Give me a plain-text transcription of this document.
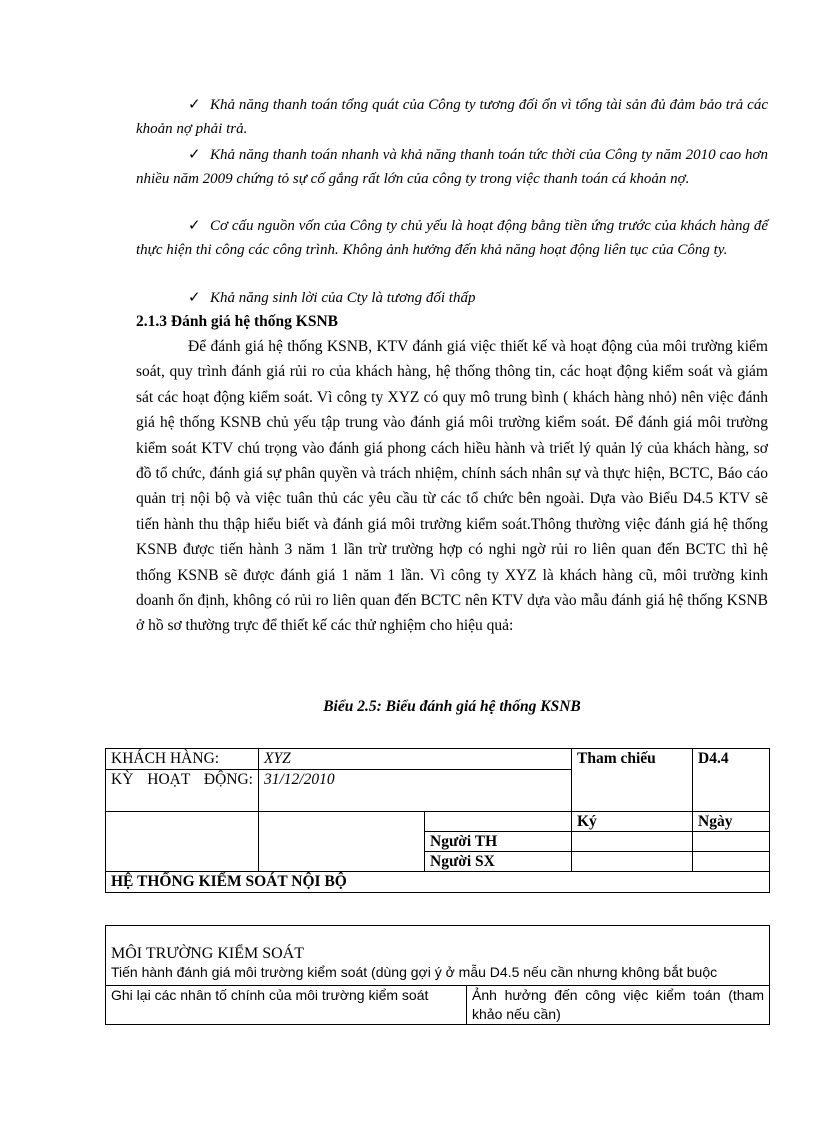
✓ Khả năng thanh toán tổng quát của Công ty tương đối ổn vì tổng tài sản đủ đảm bảo trả các khoản nợ phải trả.
✓ Khả năng thanh toán nhanh và khả năng thanh toán tức thời của Công ty năm 2010 cao hơn nhiều năm 2009 chứng tỏ sự cố gắng rất lớn của công ty trong việc thanh toán cá khoản nợ.
✓ Cơ cấu nguồn vốn của Công ty chủ yếu là hoạt động bằng tiền ứng trước của khách hàng để thực hiện thi công các công trình. Không ảnh hưởng đến khả năng hoạt động liên tục của Công ty.
✓ Khả năng sinh lời của Cty là tương đối thấp
2.1.3 Đánh giá hệ thống KSNB
Để đánh giá hệ thống KSNB, KTV đánh giá việc thiết kế và hoạt động của môi trường kiểm soát, quy trình đánh giá rủi ro của khách hàng, hệ thống thông tin, các hoạt động kiểm soát và giám sát các hoạt động kiểm soát. Vì công ty XYZ có quy mô trung bình ( khách hàng nhỏ) nên việc đánh giá hệ thống KSNB chủ yếu tập trung vào đánh giá môi trường kiểm soát. Để đánh giá môi trường kiểm soát KTV chú trọng vào đánh giá phong cách hiều hành và triết lý quản lý của khách hàng, sơ đồ tổ chức, đánh giá sự phân quyền và trách nhiệm, chính sách nhân sự và thực hiện, BCTC, Báo cáo quản trị nội bộ và việc tuân thủ các yêu cầu từ các tổ chức bên ngoài. Dựa vào Biểu D4.5 KTV sẽ tiến hành thu thập hiểu biết và đánh giá môi trường kiểm soát.Thông thường việc đánh giá hệ thống KSNB được tiến hành 3 năm 1 lần trừ trường hợp có nghi ngờ rủi ro liên quan đến BCTC thì hệ thống KSNB sẽ được đánh giá 1 năm 1 lần. Vì công ty XYZ là khách hàng cũ, môi trường kinh doanh ổn định, không có rủi ro liên quan đến BCTC nên KTV dựa vào mẫu đánh giá hệ thống KSNB ở hồ sơ thường trực để thiết kế các thử nghiệm cho hiệu quả:
Biểu 2.5: Biểu đánh giá hệ thống KSNB
KHÁCH HÀNG:	XYZ		Tham chiếu	D4.4
KỲ HOẠT ĐỘNG:	31/12/2010			
			Ký	Ngày
		Người TH		
		Người SX		
HỆ THỐNG KIỂM SOÁT NỘI BỘ				
MÔI TRƯỜNG KIỂM SOÁT
Tiến hành đánh giá môi trường kiểm soát (dùng gợi ý ở mẫu D4.5 nếu cần nhưng không bắt buộc

Ghi lại các nhân tố chính của môi trường kiểm soát	Ảnh hưởng đến công việc kiểm toán (tham khảo nếu cần)
